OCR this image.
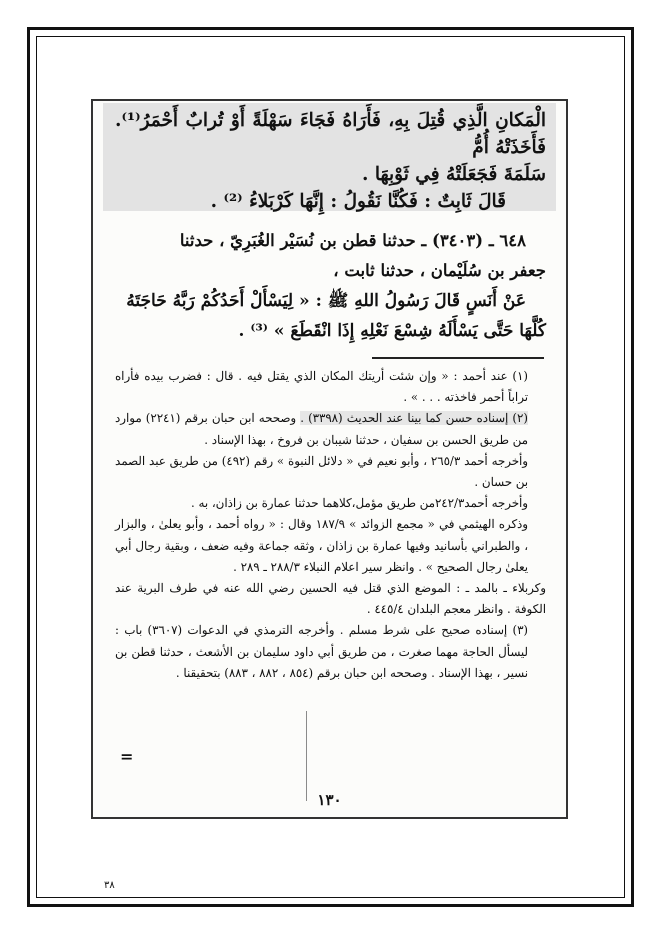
الْمَكانِ الَّذِي قُتِلَ بِهِ، فَأَرَاهُ فَجَاءَ سَهْلَةً أَوْ تُرابٌ أَحْمَرُ⁽¹⁾. فَأَخَذَتْهُ أُمُّ
سَلَمَةَ فَجَعَلَتْهُ فِي ثَوْبِهَا .
قَالَ ثَابِتٌ : فَكُنَّا نَقُولُ : إِنَّهَا كَرْبَلاءُ ⁽²⁾ .
٦٤٨ ـ (٣٤٠٣) ـ حدثنا قطن بن نُسَيْر الغُبَرِيّ ، حدثنا
جعفر بن سُلَيْمان ، حدثنا ثابت ،
عَنْ أَنَسٍ قَالَ رَسُولُ اللهِ ﷺ : « لِيَسْأَلْ أَحَدُكُمْ رَبَّهُ حَاجَتَهُ
كُلَّهَا حَتَّى يَسْأَلَهُ شِسْعَ نَعْلِهِ إِذَا انْقَطَعَ » ⁽³⁾ .

(١) عند أحمد : « وإن شئت أريتك المكان الذي يقتل فيه . قال : فضرب بيده فأراه تراباً أحمر فاخذته . . . » .

(٢) إسناده حسن كما بينا عند الحديث (٣٣٩٨) . وصححه ابن حبان برقم (٢٢٤١) موارد من طريق الحسن بن سفيان ، حدثنا شيبان بن فروخ ، بهذا الإسناد .

وأخرجه أحمد ٢٦٥/٣ ، وأبو نعيم في « دلائل النبوة » رقم (٤٩٢) من طريق عبد الصمد بن حسان .

وأخرجه أحمد٢٤٢/٣من طريق مؤمل،كلاهما حدثنا عمارة بن زاذان، به .

وذكره الهيثمي في « مجمع الزوائد » ١٨٧/٩ وقال : « رواه أحمد ، وأبو يعلىٰ ، والبزار ، والطبراني بأسانيد وفيها عمارة بن زاذان ، وثقه جماعة وفيه ضعف ، وبقية رجال أبي يعلىٰ رجال الصحيح » . وانظر سير اعلام النبلاء ٢٨٨/٣ ـ ٢٨٩ .

وكربلاء ـ بالمد ـ : الموضع الذي قتل فيه الحسين رضي الله عنه في طرف البرية عند الكوفة . وانظر معجم البلدان ٤٤٥/٤ .

(٣) إسناده صحيح على شرط مسلم . وأخرجه الترمذي في الدعوات (٣٦٠٧) باب : ليسأل الحاجة مهما صغرت ، من طريق أبي داود سليمان بن الأشعث ، حدثنا قطن بن نسير ، بهذا الإسناد . وصححه ابن حبان برقم (٨٥٤ ، ٨٨٢ ، ٨٨٣) بتحقيقنا .

=
١٣٠
٣٨
